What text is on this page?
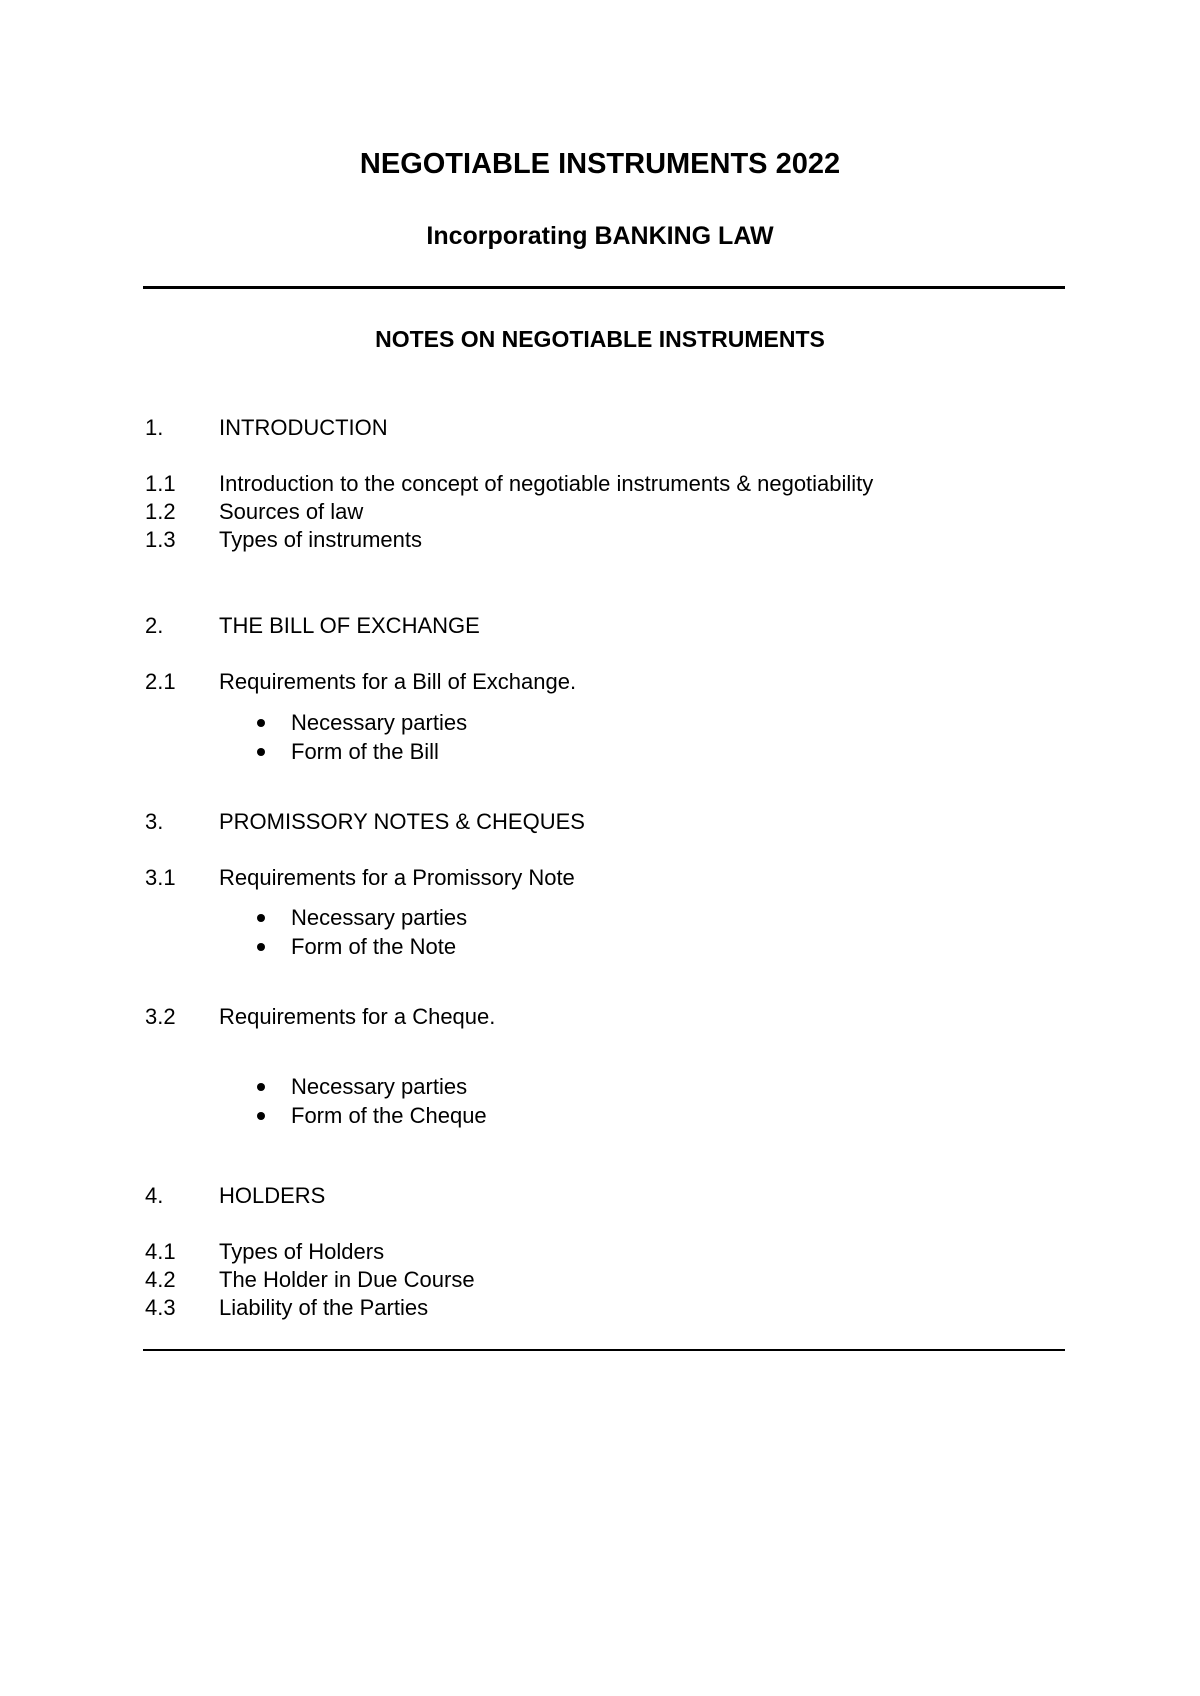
NEGOTIABLE INSTRUMENTS 2022
Incorporating BANKING LAW
NOTES ON NEGOTIABLE INSTRUMENTS
1.	INTRODUCTION
1.1 Introduction to the concept of negotiable instruments & negotiability
1.2 Sources of law
1.3 Types of instruments
2.	THE BILL OF EXCHANGE
2.1 Requirements for a Bill of Exchange.
Necessary parties
Form of the Bill
3.	PROMISSORY NOTES & CHEQUES
3.1 Requirements for a Promissory Note
Necessary parties
Form of the Note
3.2 Requirements for a Cheque.
Necessary parties
Form of the Cheque
4.	HOLDERS
4.1 Types of Holders
4.2 The Holder in Due Course
4.3 Liability of the Parties
